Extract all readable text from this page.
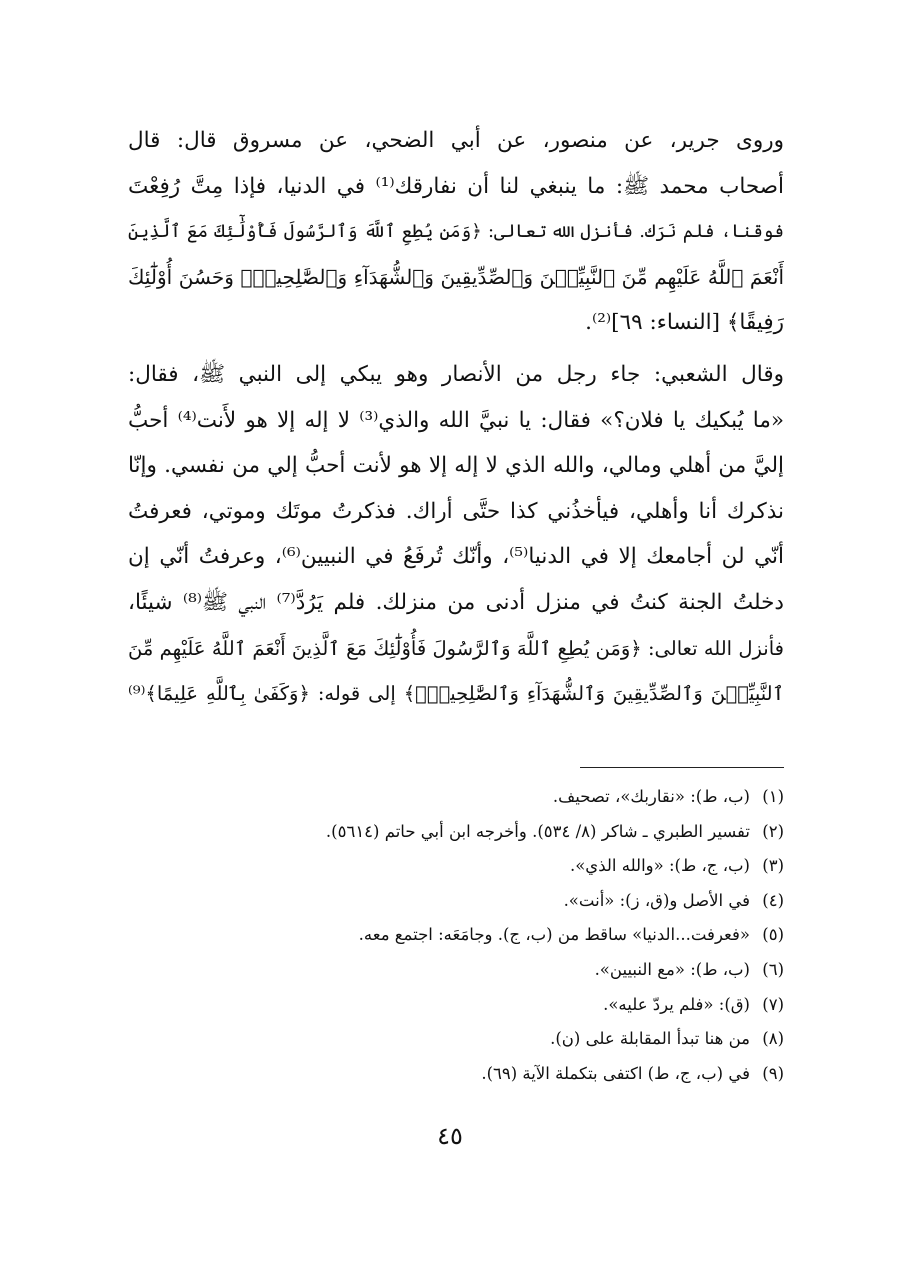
وروى جرير، عن منصور، عن أبي الضحي، عن مسروق قال: قال
أصحاب محمد ﷺ: ما ينبغي لنا أن نفارقك⁽¹⁾ في الدنيا، فإذا مِتَّ رُفِعْتَ
فوقنا، فلم نَرَك. فأنزل الله تعالى: ﴿وَمَن يُطِعِ ٱللَّهَ وَٱلرَّسُولَ فَأُوْلَٰٓئِكَ مَعَ ٱلَّذِينَ
أَنْعَمَ ٱللَّهُ عَلَيْهِم مِّنَ ٱلنَّبِيِّـۧنَ وَٱلصِّدِّيقِينَ وَٱلشُّهَدَآءِ وَٱلصَّٰلِحِينَۚ وَحَسُنَ أُوْلَٰٓئِكَ
رَفِيقًا﴾ [النساء: ٦٩]⁽²⁾.
وقال الشعبي: جاء رجل من الأنصار وهو يبكي إلى النبي ﷺ، فقال:
«ما يُبكيك يا فلان؟» فقال: يا نبيَّ الله والذي⁽³⁾ لا إله إلا هو لأَنت⁽⁴⁾ أحبُّ
إليَّ من أهلي ومالي، والله الذي لا إله إلا هو لأنت أحبُّ إلي من نفسي. وإنّا
نذكرك أنا وأهلي، فيأخذُني كذا حتَّى أراك. فذكرتُ موتَك وموتي، فعرفتُ
أنّي لن أجامعك إلا في الدنيا⁽⁵⁾، وأنّك تُرفَعُ في النبيين⁽⁶⁾، وعرفتُ أنّي إن
دخلتُ الجنة كنتُ في منزل أدنى من منزلك. فلم يَرُدَّ⁽⁷⁾ النبي ﷺ⁽⁸⁾ شيئًا،
فأنزل الله تعالى: ﴿وَمَن يُطِعِ ٱللَّهَ وَٱلرَّسُولَ فَأُوْلَٰٓئِكَ مَعَ ٱلَّذِينَ أَنْعَمَ ٱللَّهُ عَلَيْهِم مِّنَ
ٱلنَّبِيِّـۧنَ وَٱلصِّدِّيقِينَ وَٱلشُّهَدَآءِ وَٱلصَّٰلِحِينَۚ﴾ إلى قوله: ﴿وَكَفَىٰ بِٱللَّهِ عَلِيمًا﴾⁽⁹⁾
(١)(ب، ط): «نقاربك»، تصحيف.
(٢)تفسير الطبري ـ شاكر (٨/ ٥٣٤). وأخرجه ابن أبي حاتم (٥٦١٤).
(٣)(ب، ج، ط): «والله الذي».
(٤)في الأصل و(ق، ز): «أنت».
(٥)«فعرفت...الدنيا» ساقط من (ب، ج). وجامَعَه: اجتمع معه.
(٦)(ب، ط): «مع النبيين».
(٧)(ق): «فلم يردّ عليه».
(٨)من هنا تبدأ المقابلة على (ن).
(٩)في (ب، ج، ط) اكتفى بتكملة الآية (٦٩).
٤٥
